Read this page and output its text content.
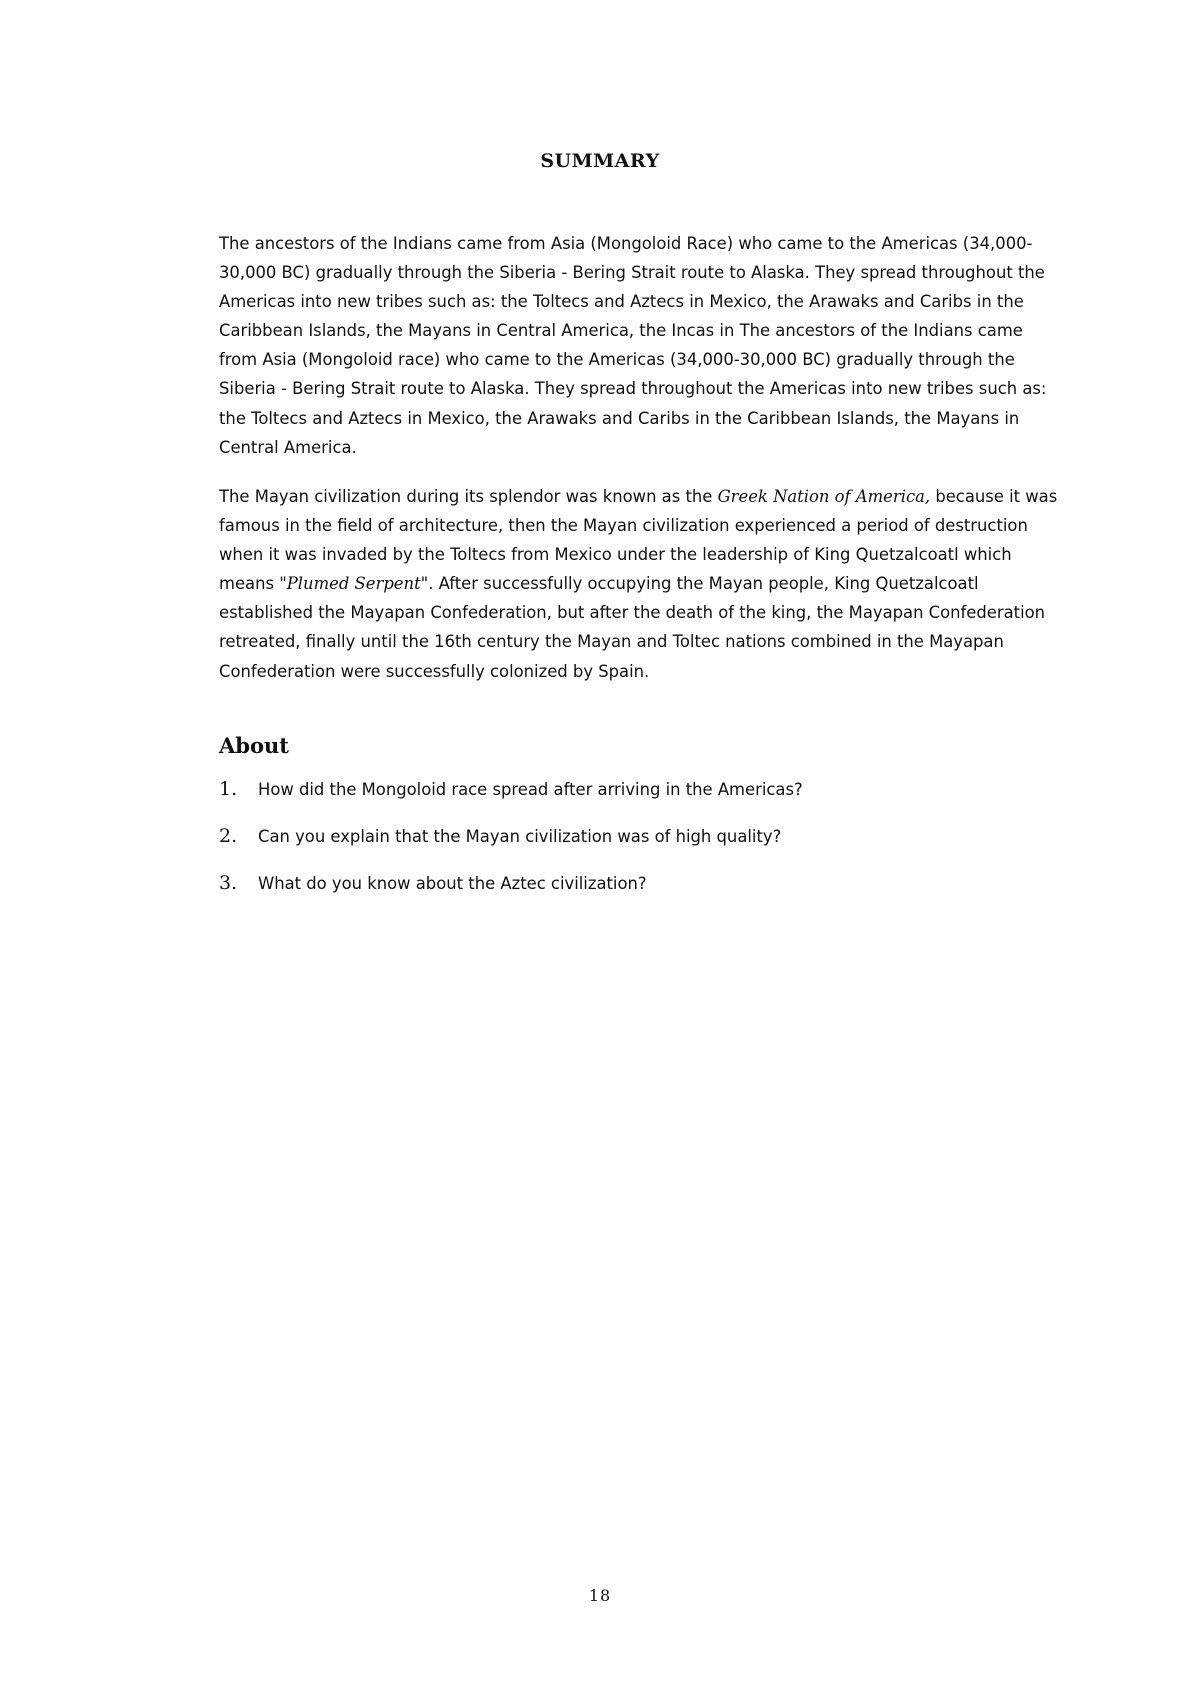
SUMMARY

The ancestors of the Indians came from Asia (Mongoloid Race) who came to the Americas (34,000-30,000 BC) gradually through the Siberia - Bering Strait route to Alaska. They spread throughout the Americas into new tribes such as: the Toltecs and Aztecs in Mexico, the Arawaks and Caribs in the Caribbean Islands, the Mayans in Central America, the Incas in The ancestors of the Indians came from Asia (Mongoloid race) who came to the Americas (34,000-30,000 BC) gradually through the Siberia - Bering Strait route to Alaska. They spread throughout the Americas into new tribes such as: the Toltecs and Aztecs in Mexico, the Arawaks and Caribs in the Caribbean Islands, the Mayans in Central America.

The Mayan civilization during its splendor was known as the Greek Nation of America, because it was famous in the field of architecture, then the Mayan civilization experienced a period of destruction when it was invaded by the Toltecs from Mexico under the leadership of King Quetzalcoatl which means "Plumed Serpent". After successfully occupying the Mayan people, King Quetzalcoatl established the Mayapan Confederation, but after the death of the king, the Mayapan Confederation retreated, finally until the 16th century the Mayan and Toltec nations combined in the Mayapan Confederation were successfully colonized by Spain.

About
1.	How did the Mongoloid race spread after arriving in the Americas?
2.	Can you explain that the Mayan civilization was of high quality?
3.	What do you know about the Aztec civilization?
18
